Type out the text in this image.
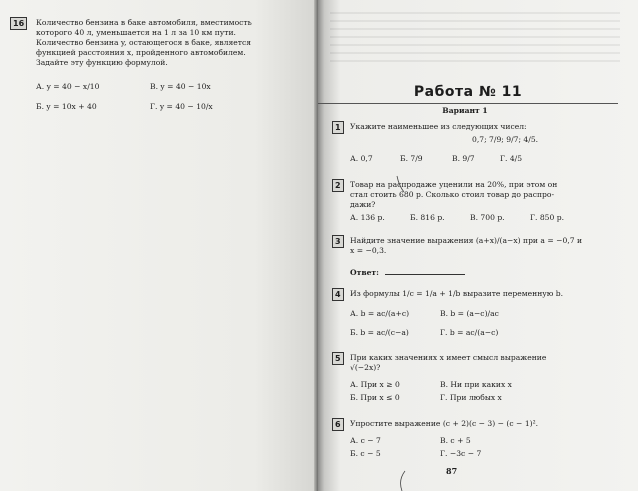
16	Количество бензина в баке автомобиля, вместимость
которого 40 л, уменьшается на 1 л за 10 км пути.
Количество бензина y, остающегося в баке, является
функцией расстояния x, пройденного автомобилем.
Задайте эту функцию формулой.
А. y = 40 − x/10	В. y = 40 − 10x
Б. y = 10x + 40	Г. y = 40 − 10/x
Работа № 11
Вариант 1
1	Укажите наименьшее из следующих чисел:
0,7; 7/9; 9/7; 4/5.
А. 0,7	Б. 7/9	В. 9/7	Г. 4/5
2	Товар на распродаже уценили на 20%, при этом он
стал стоить 680 р. Сколько стоил товар до распро-
дажи?
А. 136 р.	Б. 816 р.	В. 700 р.	Г. 850 р.
3	Найдите значение выражения (a+x)/(a−x) при a = −0,7 и
x = −0,3.
Ответ:
4	Из формулы 1/c = 1/a + 1/b выразите переменную b.
А. b = ac/(a+c)	В. b = (a−c)/ac
Б. b = ac/(c−a)	Г. b = ac/(a−c)
5	При каких значениях x имеет смысл выражение
√(−2x)?
А. При x ≥ 0	В. Ни при каких x
Б. При x ≤ 0	Г. При любых x
6	Упростите выражение (c + 2)(c − 3) − (c − 1)².
А. c − 7	В. c + 5
Б. c − 5	Г. −3c − 7
87
